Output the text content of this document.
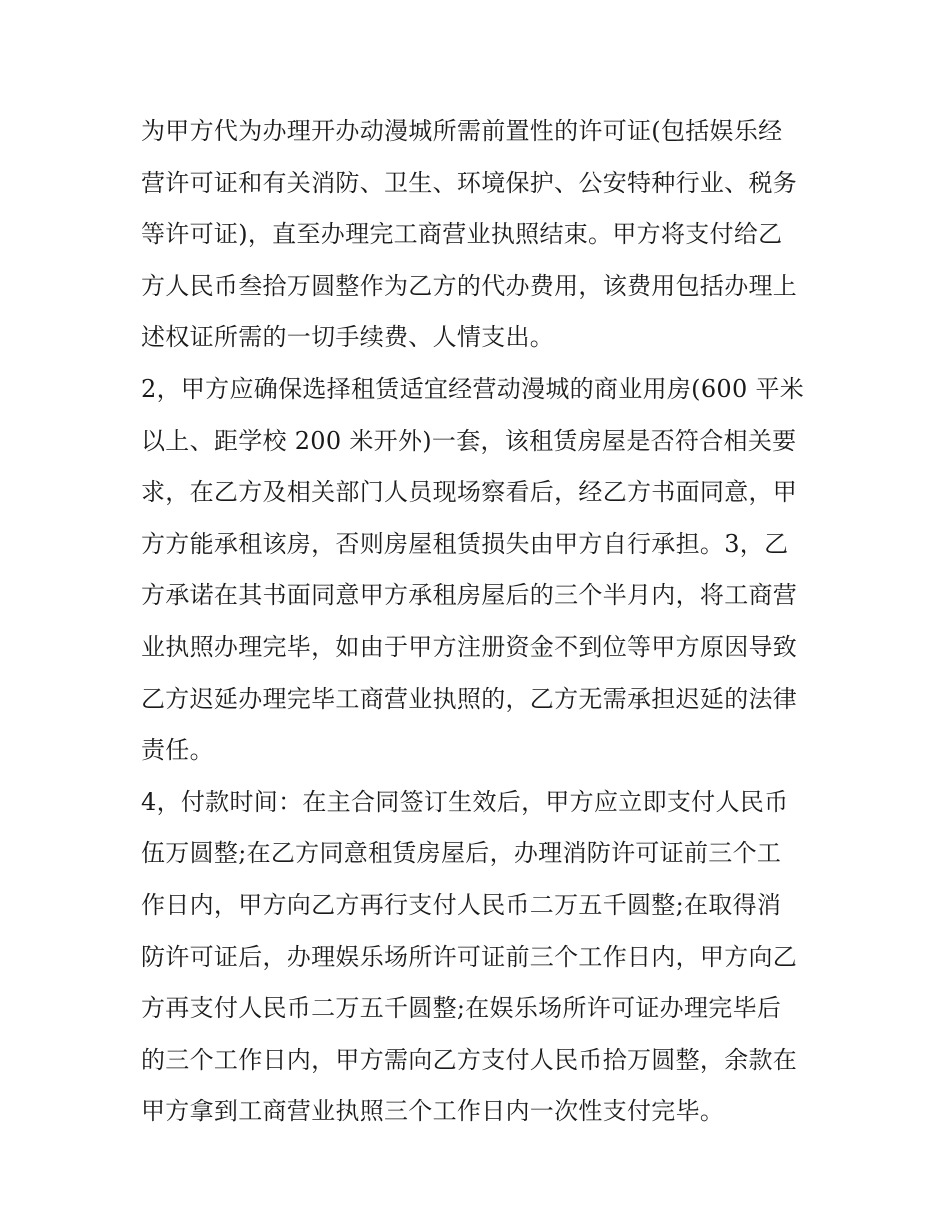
为甲方代为办理开办动漫城所需前置性的许可证(包括娱乐经
营许可证和有关消防、卫生、环境保护、公安特种行业、税务
等许可证)，直至办理完工商营业执照结束。甲方将支付给乙
方人民币叁拾万圆整作为乙方的代办费用，该费用包括办理上
述权证所需的一切手续费、人情支出。
2，甲方应确保选择租赁适宜经营动漫城的商业用房(600 平米
以上、距学校 200 米开外)一套，该租赁房屋是否符合相关要
求，在乙方及相关部门人员现场察看后，经乙方书面同意，甲
方方能承租该房，否则房屋租赁损失由甲方自行承担。3，乙
方承诺在其书面同意甲方承租房屋后的三个半月内，将工商营
业执照办理完毕，如由于甲方注册资金不到位等甲方原因导致
乙方迟延办理完毕工商营业执照的，乙方无需承担迟延的法律
责任。
4，付款时间：在主合同签订生效后，甲方应立即支付人民币
伍万圆整;在乙方同意租赁房屋后，办理消防许可证前三个工
作日内，甲方向乙方再行支付人民币二万五千圆整;在取得消
防许可证后，办理娱乐场所许可证前三个工作日内，甲方向乙
方再支付人民币二万五千圆整;在娱乐场所许可证办理完毕后
的三个工作日内，甲方需向乙方支付人民币拾万圆整，余款在
甲方拿到工商营业执照三个工作日内一次性支付完毕。
